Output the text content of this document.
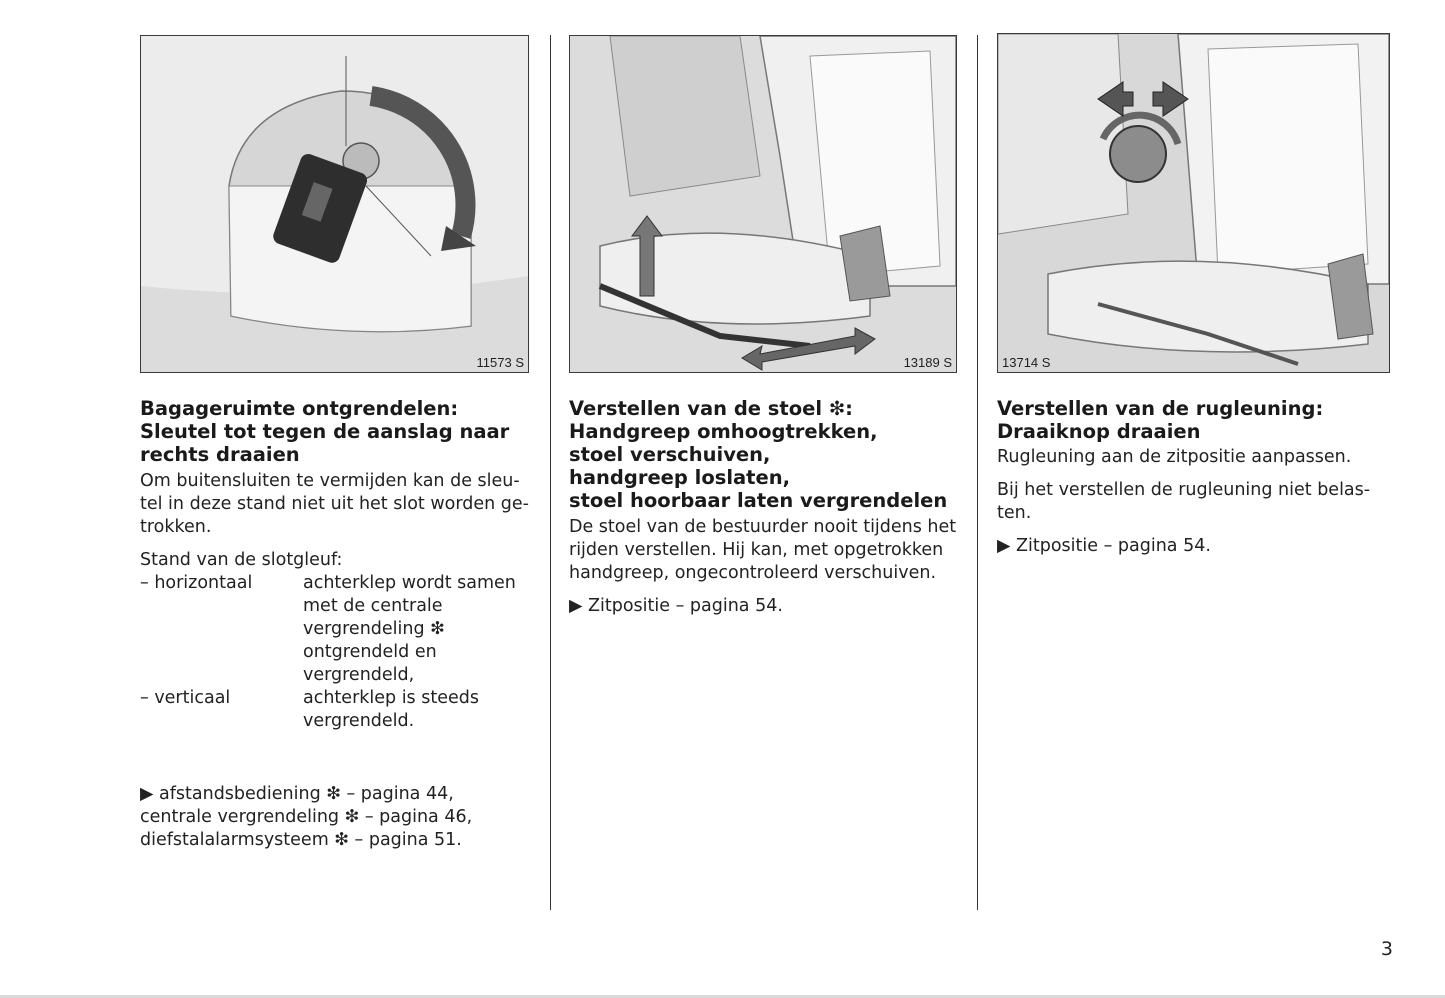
11573 S
Bagageruimte ontgrendelen:
Sleutel tot tegen de aanslag naar
rechts draaien
Om buitensluiten te vermijden kan de sleu-
tel in deze stand niet uit het slot worden ge-
trokken.
Stand van de slotgleuf:
– horizontaal	achterklep wordt samen
met de centrale
vergrendeling ❇
ontgrendeld en
vergrendeld,
– verticaal	achterklep is steeds
vergrendeld.
▶ afstandsbediening ❇ – pagina 44,
centrale vergrendeling ❇ – pagina 46,
diefstalalarmsysteem ❇ – pagina 51.
13189 S
Verstellen van de stoel ❇:
Handgreep omhoogtrekken,
stoel verschuiven,
handgreep loslaten,
stoel hoorbaar laten vergrendelen
De stoel van de bestuurder nooit tijdens het
rijden verstellen. Hij kan, met opgetrokken
handgreep, ongecontroleerd verschuiven.
▶ Zitpositie – pagina 54.
13714 S
Verstellen van de rugleuning:
Draaiknop draaien
Rugleuning aan de zitpositie aanpassen.
Bij het verstellen de rugleuning niet belas-
ten.
▶ Zitpositie – pagina 54.
3
